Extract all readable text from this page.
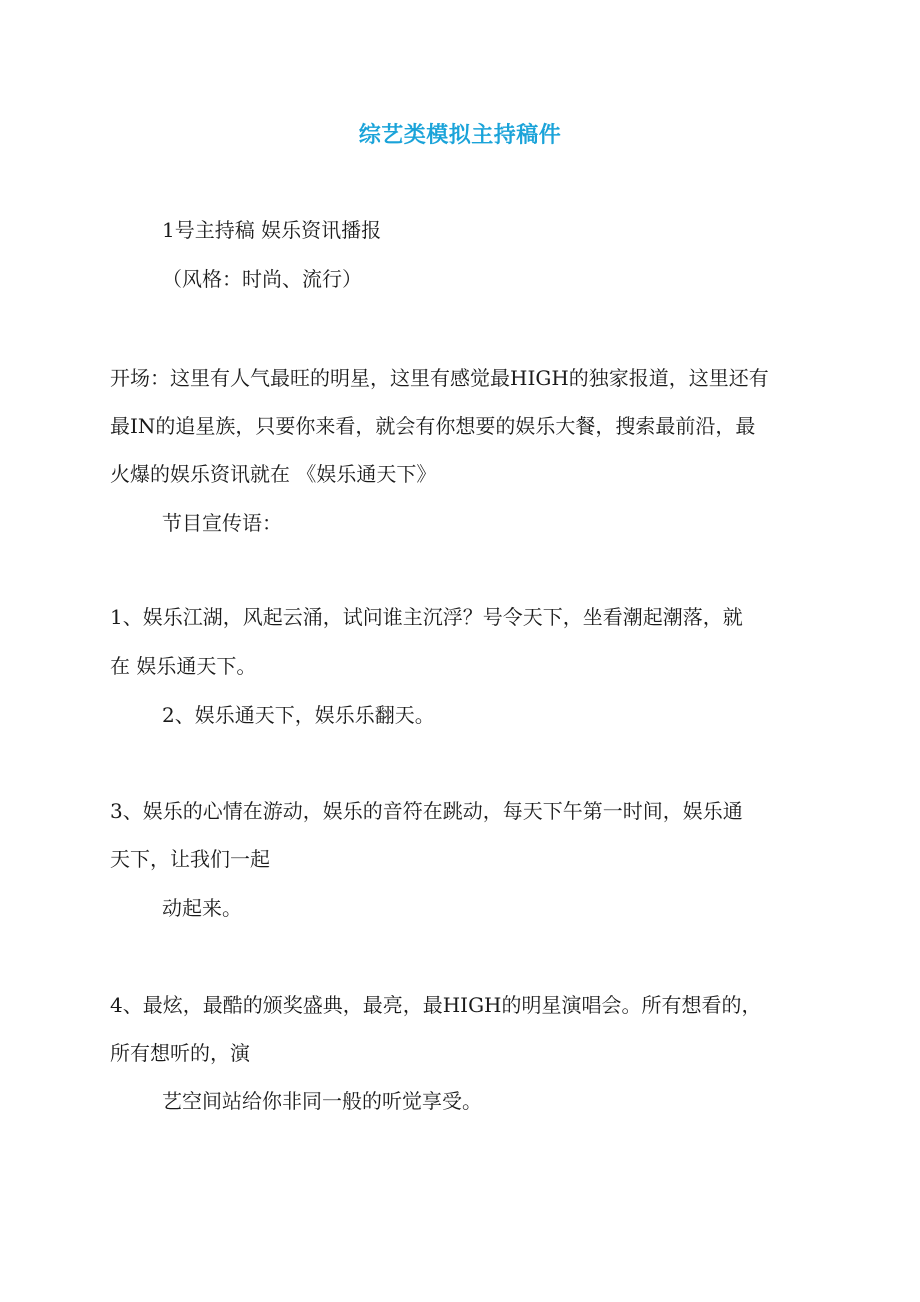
综艺类模拟主持稿件
1号主持稿 娱乐资讯播报
（风格：时尚、流行）
开场：这里有人气最旺的明星，这里有感觉最HIGH的独家报道，这里还有
最IN的追星族，只要你来看，就会有你想要的娱乐大餐，搜索最前沿，最
火爆的娱乐资讯就在 《娱乐通天下》
节目宣传语：
1、娱乐江湖，风起云涌，试问谁主沉浮？号令天下，坐看潮起潮落，就
在 娱乐通天下。
2、娱乐通天下，娱乐乐翻天。
3、娱乐的心情在游动，娱乐的音符在跳动，每天下午第一时间，娱乐通
天下，让我们一起
动起来。
4、最炫，最酷的颁奖盛典，最亮，最HIGH的明星演唱会。所有想看的，
所有想听的，演
艺空间站给你非同一般的听觉享受。
